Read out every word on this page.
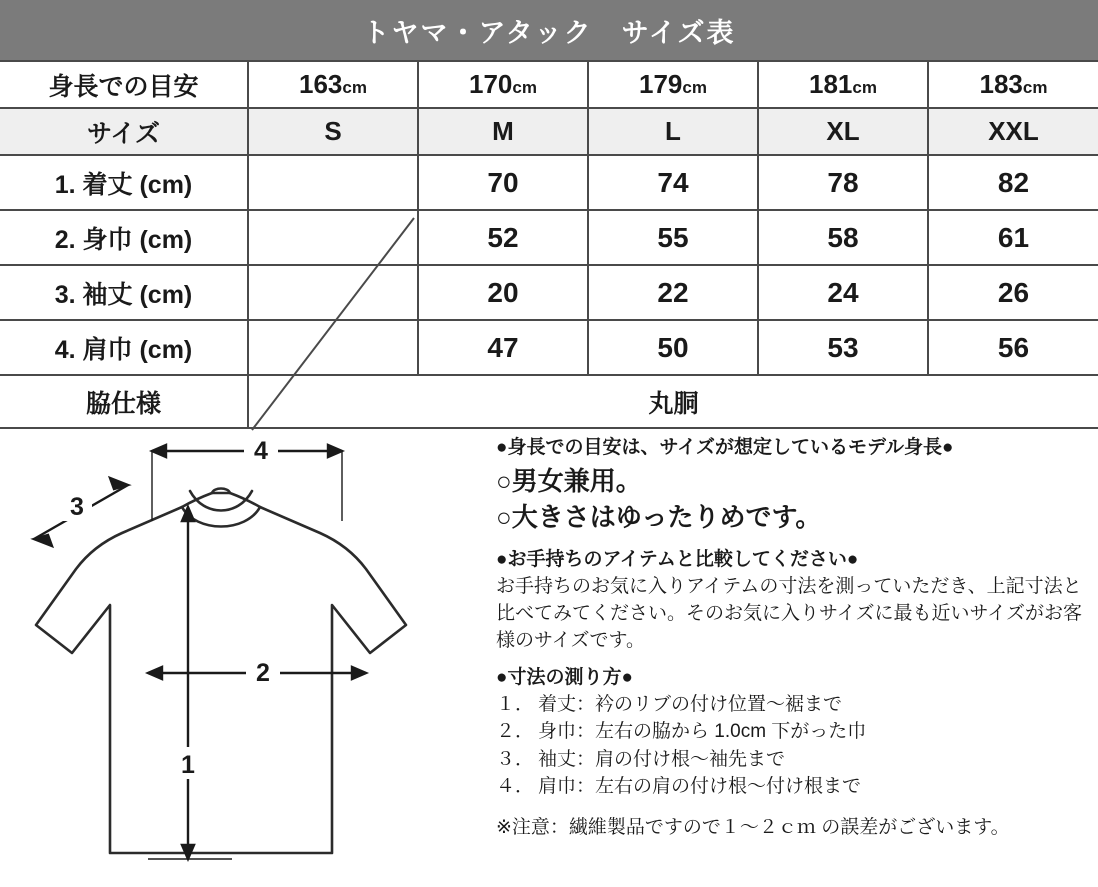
トヤマ・アタック　サイズ表
身長での目安	163cm	170cm	179cm	181cm	183cm
サイズ	S	M	L	XL	XXL
1. 着丈 (cm)		70	74	78	82
2. 身巾 (cm)		52	55	58	61
3. 袖丈 (cm)		20	22	24	26
4. 肩巾 (cm)		47	50	53	56
脇仕様	丸胴				
4
3
2
1

●身長での目安は、サイズが想定しているモデル身長●

○男女兼用。

○大きさはゆったりめです。

●お手持ちのアイテムと比較してください●

お手持ちのお気に入りアイテムの寸法を測っていただき、上記寸法と比べてみてください。そのお気に入りサイズに最も近いサイズがお客様のサイズです。

●寸法の測り方●

１． 着丈：衿のリブの付け位置～裾まで
２． 身巾：左右の脇から 1.0cm 下がった巾
３． 袖丈：肩の付け根～袖先まで
４． 肩巾：左右の肩の付け根～付け根まで

※注意：繊維製品ですので１～２ｃｍ の誤差がございます。
